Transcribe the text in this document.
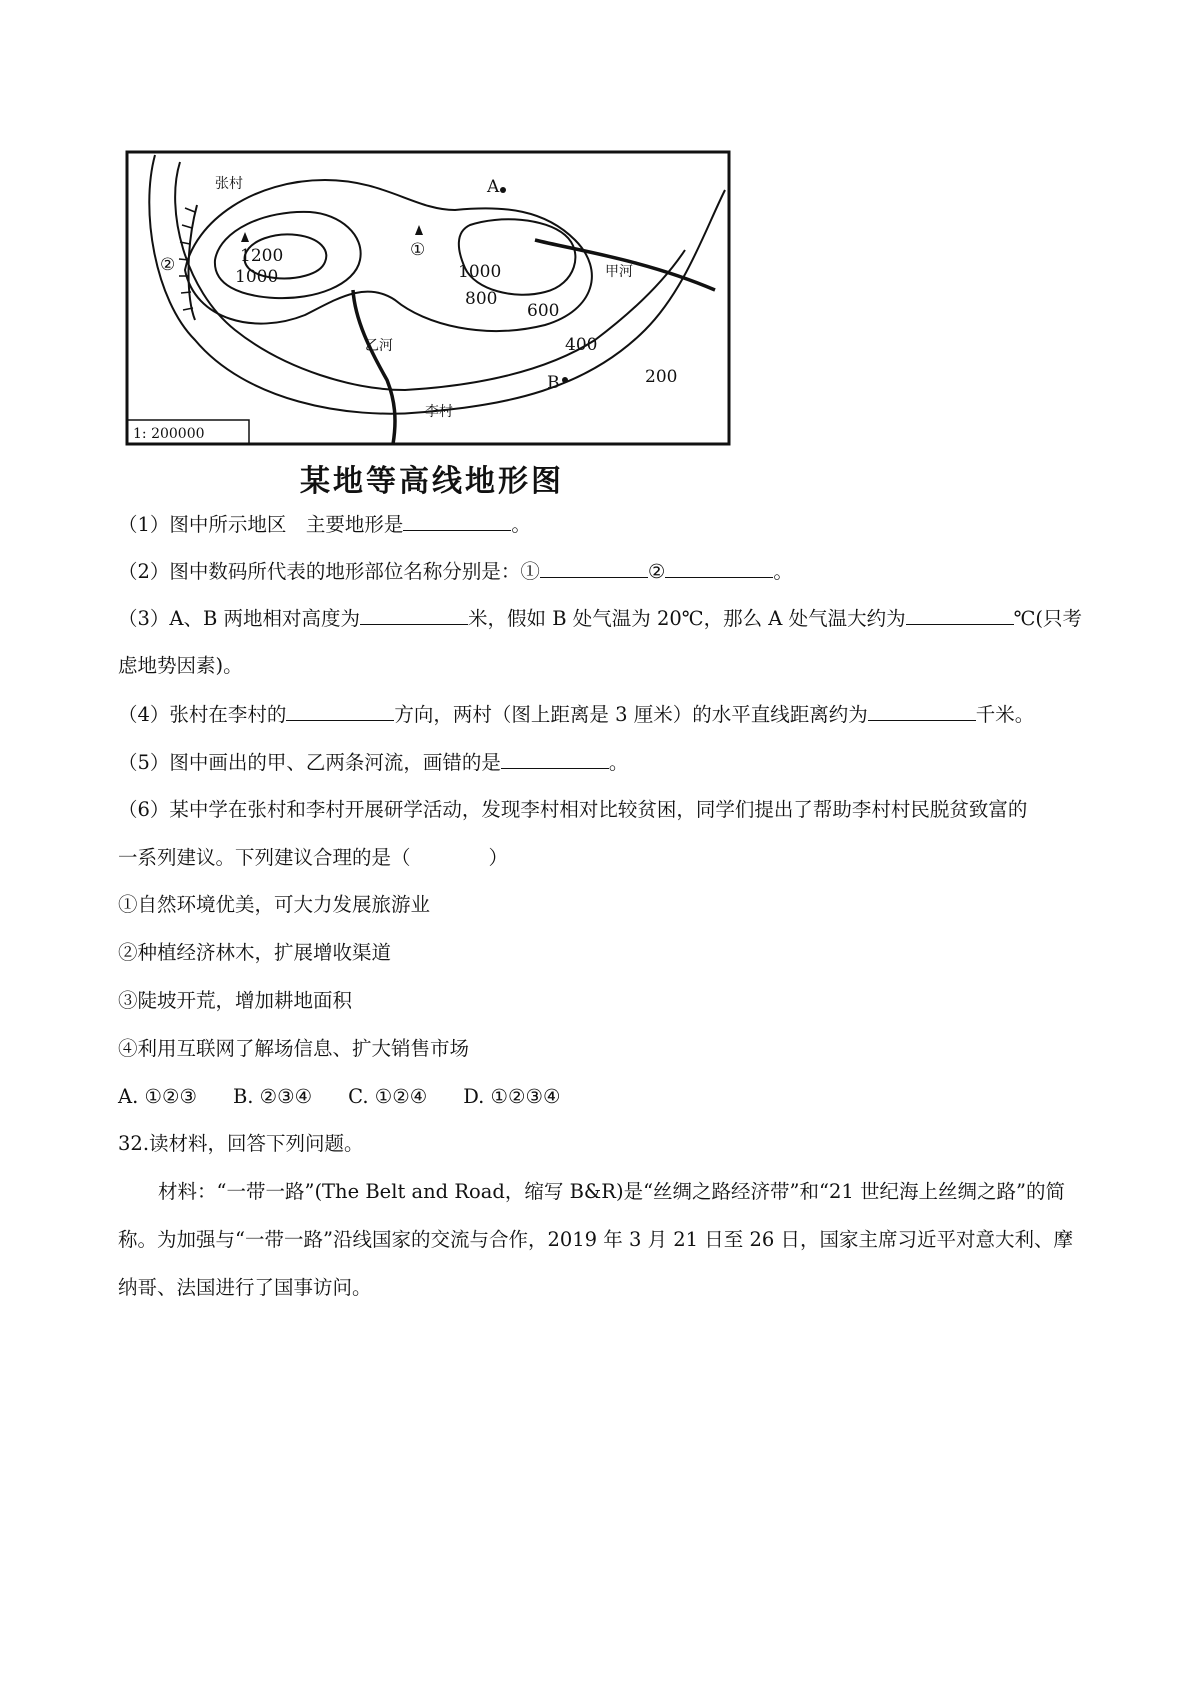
1: 200000
1200
1000	1000
800
600
400
200
A
B
①
②
张村
李村
甲河
乙河
某地等高线地形图
（1）图中所示地区　主要地形是	。
（2）图中数码所代表的地形部位名称分别是：①	②	。
（3）A、B 两地相对高度为	米，假如 B 处气温为 20℃，那么 A 处气温大约为	℃(只考
虑地势因素)。
（4）张村在李村的	方向，两村（图上距离是 3 厘米）的水平直线距离约为	千米。
（5）图中画出的甲、乙两条河流，画错的是	。
（6）某中学在张村和李村开展研学活动，发现李村相对比较贫困，同学们提出了帮助李村村民脱贫致富的
一系列建议。下列建议合理的是（　　　　）
①自然环境优美，可大力发展旅游业
②种植经济林木，扩展增收渠道
③陡坡开荒，增加耕地面积
④利用互联网了解场信息、扩大销售市场
A. ①②③ B. ②③④ C. ①②④ D. ①②③④
32.读材料，回答下列问题。
材料：“一带一路”(The Belt and Road，缩写 B&R)是“丝绸之路经济带”和“21 世纪海上丝绸之路”的简称。为加强与“一带一路”沿线国家的交流与合作，2019 年 3 月 21 日至 26 日，国家主席习近平对意大利、摩纳哥、法国进行了国事访问。
